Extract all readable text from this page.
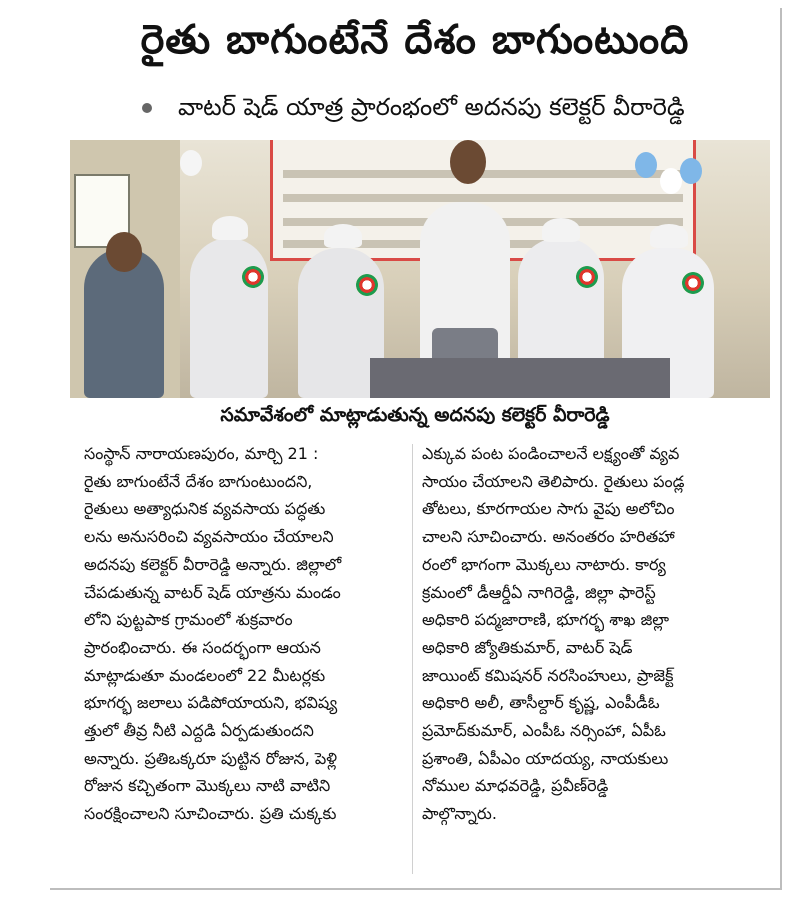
రైతు బాగుంటేనే దేశం బాగుంటుంది
వాటర్ షెడ్ యాత్ర ప్రారంభంలో అదనపు కలెక్టర్ వీరారెడ్డి
సమావేశంలో మాట్లాడుతున్న అదనపు కలెక్టర్ వీరారెడ్డి
సంస్థాన్ నారాయణపురం, మార్చి 21 :
రైతు బాగుంటేనే దేశం బాగుంటుందని,
రైతులు అత్యాధునిక వ్యవసాయ పద్ధతు
లను అనుసరించి వ్యవసాయం చేయాలని
అదనపు కలెక్టర్ వీరారెడ్డి అన్నారు. జిల్లాలో
చేపడుతున్న వాటర్ షెడ్ యాత్రను మండం
లోని పుట్టపాక గ్రామంలో శుక్రవారం
ప్రారంభించారు. ఈ సందర్భంగా ఆయన
మాట్లాడుతూ మండలంలో 22 మీటర్లకు
భూగర్భ జలాలు పడిపోయాయని, భవిష్య
త్తులో తీవ్ర నీటి ఎద్దడి ఏర్పడుతుందని
అన్నారు. ప్రతిఒక్కరూ పుట్టిన రోజున, పెళ్లి
రోజున కచ్చితంగా మొక్కలు నాటి వాటిని
సంరక్షించాలని సూచించారు. ప్రతి చుక్కకు
ఎక్కువ పంట పండించాలనే లక్ష్యంతో వ్యవ
సాయం చేయాలని తెలిపారు. రైతులు పండ్ల
తోటలు, కూరగాయల సాగు వైపు అలోచిం
చాలని సూచించారు. అనంతరం హరితహా
రంలో భాగంగా మొక్కలు నాటారు. కార్య
క్రమంలో డీఆర్డీఏ నాగిరెడ్డి, జిల్లా ఫారెస్ట్
అధికారి పద్మజారాణి, భూగర్భ శాఖ జిల్లా
అధికారి జ్యోతికుమార్, వాటర్ షెడ్
జాయింట్ కమిషనర్ నరసింహులు, ప్రాజెక్ట్
అధికారి అలీ, తాసీల్దార్ కృష్ణ, ఎంపీడీఓ
ప్రమోద్‌కుమార్, ఎంపీఓ నర్సింహా, ఏపీఓ
ప్రశాంతి, ఏపీఎం యాదయ్య, నాయకులు
నోముల మాధవరెడ్డి, ప్రవీణ్‌రెడ్డి
పాల్గొన్నారు.
